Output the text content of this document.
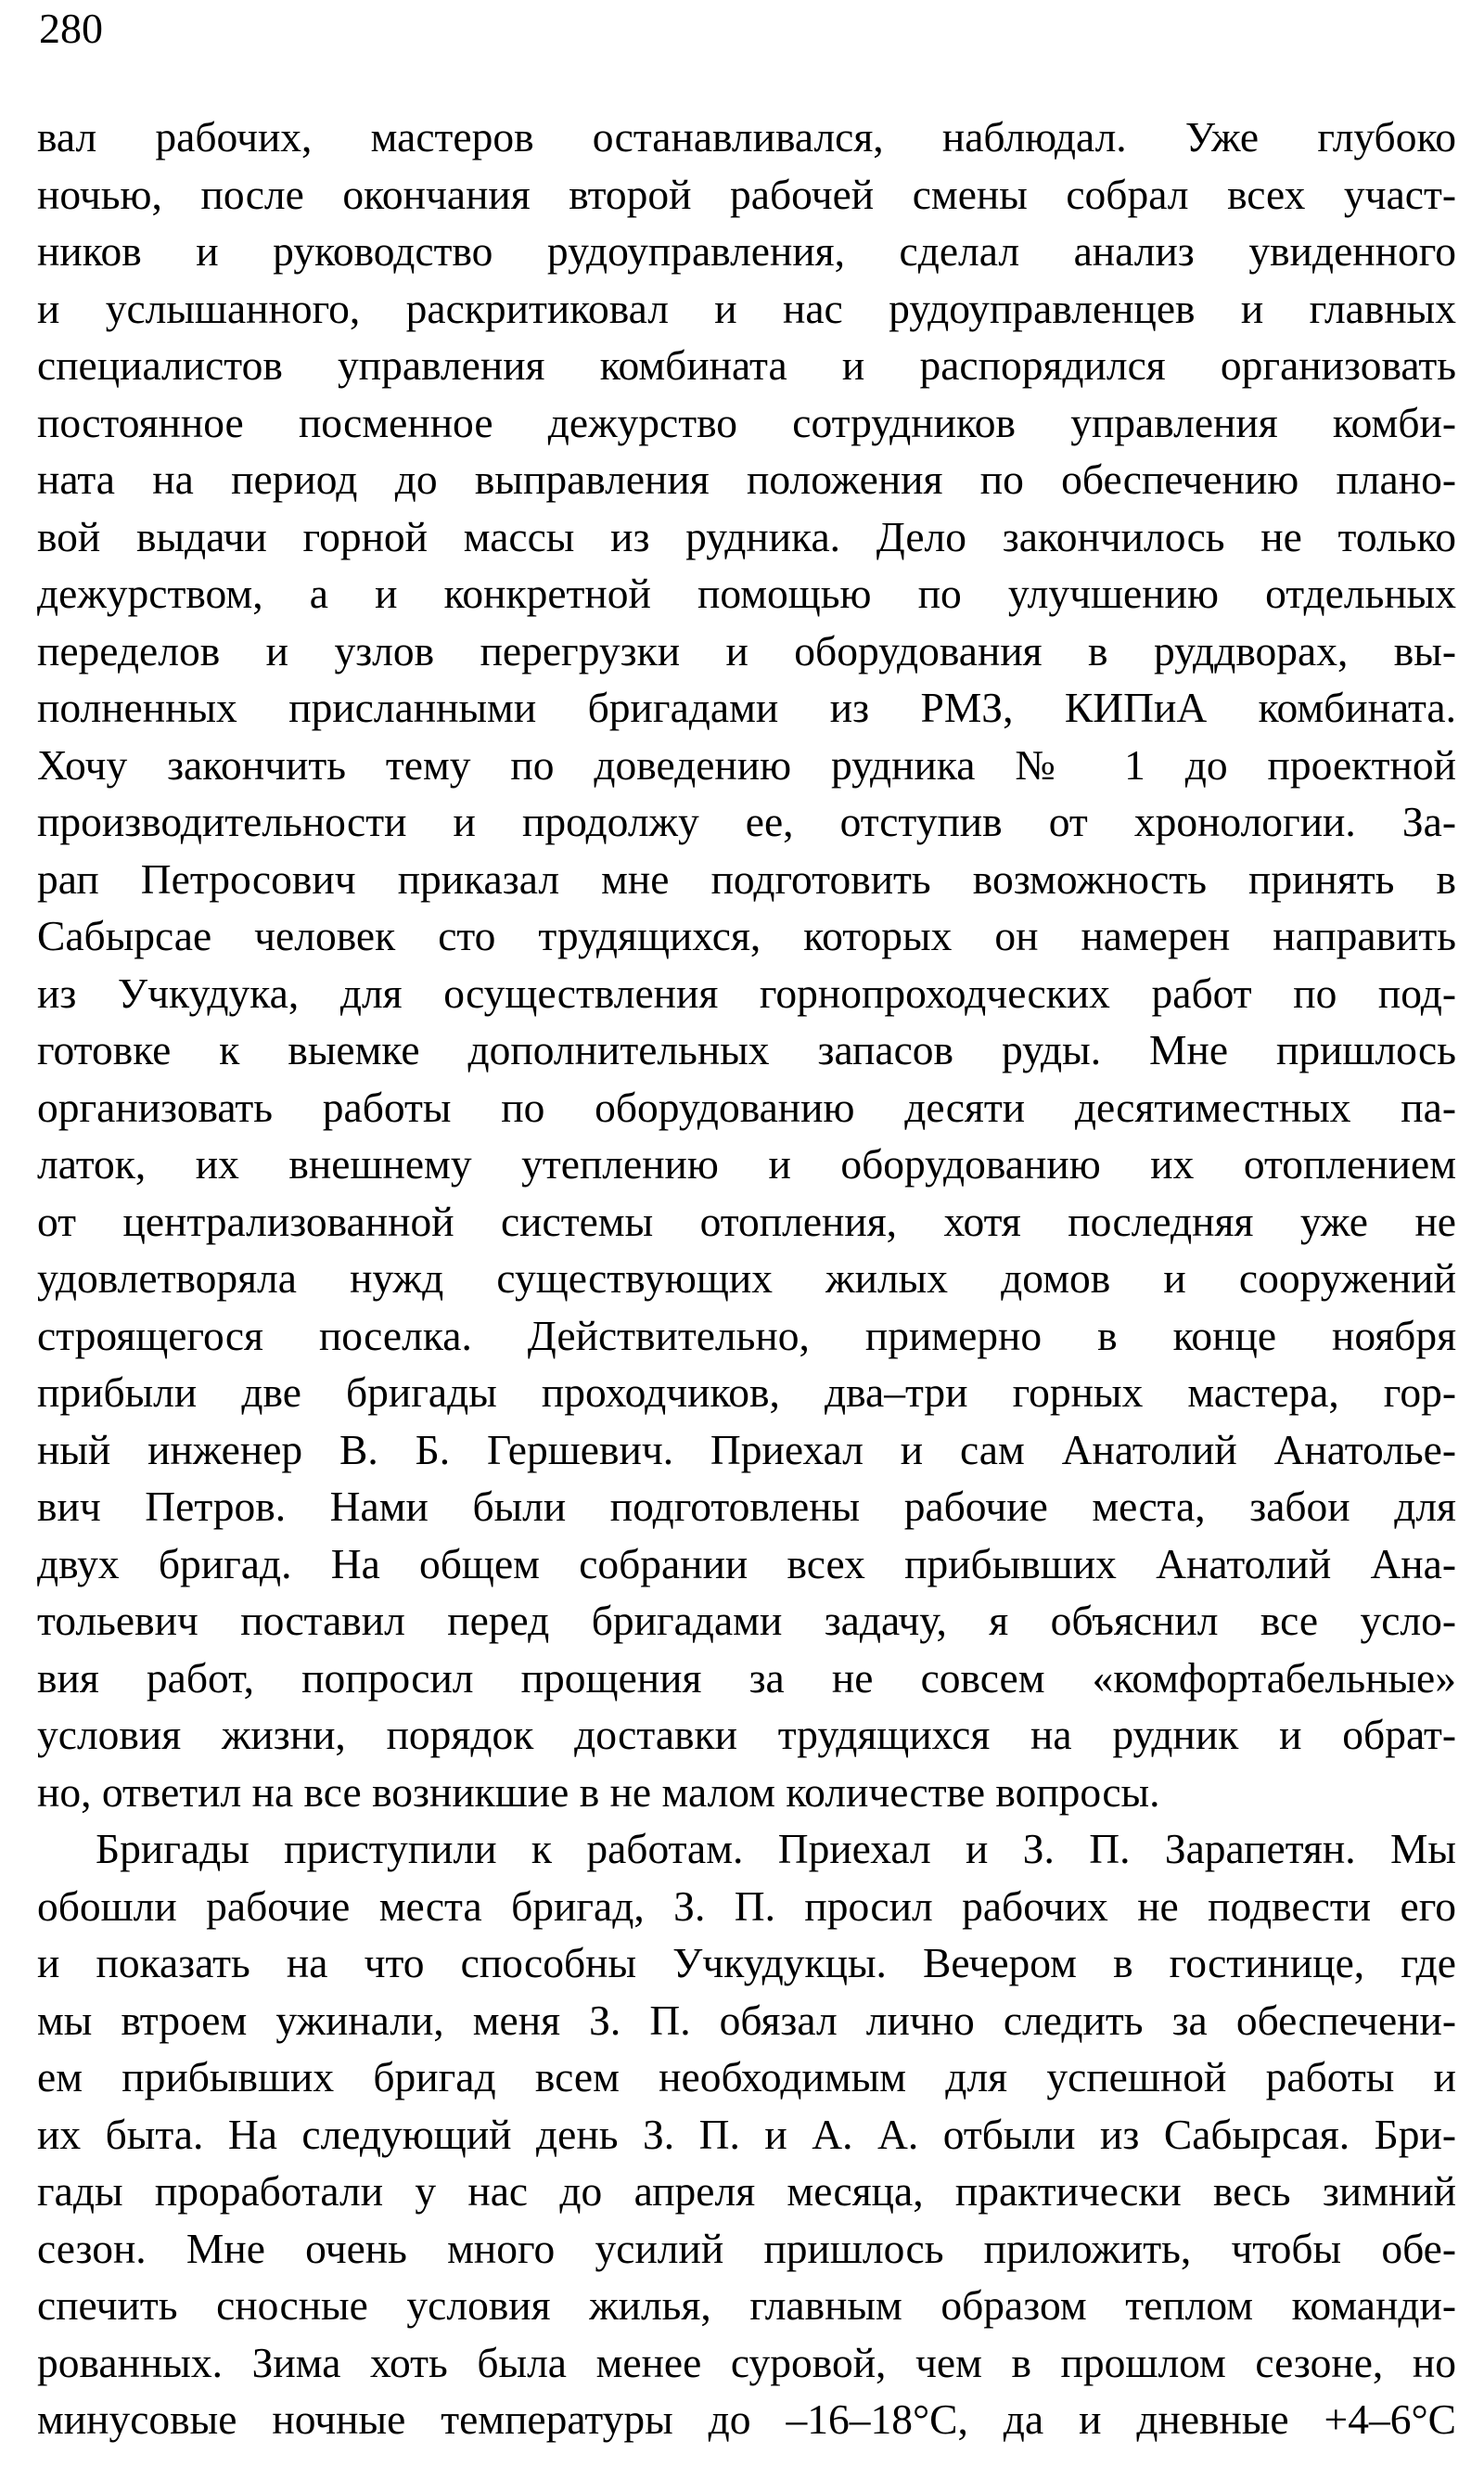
280
вал рабочих, мастеров останавливался, наблюдал. Уже глубоко
ночью, после окончания второй рабочей смены собрал всех участ-
ников и руководство рудоуправления, сделал анализ увиденного
и услышанного, раскритиковал и нас рудоуправленцев и главных
специалистов управления комбината и распорядился организовать
постоянное посменное дежурство сотрудников управления комби-
ната на период до выправления положения по обеспечению плано-
вой выдачи горной массы из рудника. Дело закончилось не только
дежурством, а и конкретной помощью по улучшению отдельных
переделов и узлов перегрузки и оборудования в руддворах, вы-
полненных присланными бригадами из РМЗ, КИПиА комбината.
Хочу закончить тему по доведению рудника № 1 до проектной
производительности и продолжу ее, отступив от хронологии. За-
рап Петросович приказал мне подготовить возможность принять в
Сабырсае человек сто трудящихся, которых он намерен направить
из Учкудука, для осуществления горнопроходческих работ по под-
готовке к выемке дополнительных запасов руды. Мне пришлось
организовать работы по оборудованию десяти десятиместных па-
латок, их внешнему утеплению и оборудованию их отоплением
от централизованной системы отопления, хотя последняя уже не
удовлетворяла нужд существующих жилых домов и сооружений
строящегося поселка. Действительно, примерно в конце ноября
прибыли две бригады проходчиков, два–три горных мастера, гор-
ный инженер В. Б. Гершевич. Приехал и сам Анатолий Анатолье-
вич Петров. Нами были подготовлены рабочие места, забои для
двух бригад. На общем собрании всех прибывших Анатолий Ана-
тольевич поставил перед бригадами задачу, я объяснил все усло-
вия работ, попросил прощения за не совсем «комфортабельные»
условия жизни, порядок доставки трудящихся на рудник и обрат-
но, ответил на все возникшие в не малом количестве вопросы.
Бригады приступили к работам. Приехал и З. П. Зарапетян. Мы
обошли рабочие места бригад, З. П. просил рабочих не подвести его
и показать на что способны Учкудукцы. Вечером в гостинице, где
мы втроем ужинали, меня З. П. обязал лично следить за обеспечени-
ем прибывших бригад всем необходимым для успешной работы и
их быта. На следующий день З. П. и А. А. отбыли из Сабырсая. Бри-
гады проработали у нас до апреля месяца, практически весь зимний
сезон. Мне очень много усилий пришлось приложить, чтобы обе-
спечить сносные условия жилья, главным образом теплом команди-
рованных. Зима хоть была менее суровой, чем в прошлом сезоне, но
минусовые ночные температуры до –16–18°C, да и дневные +4–6°C
